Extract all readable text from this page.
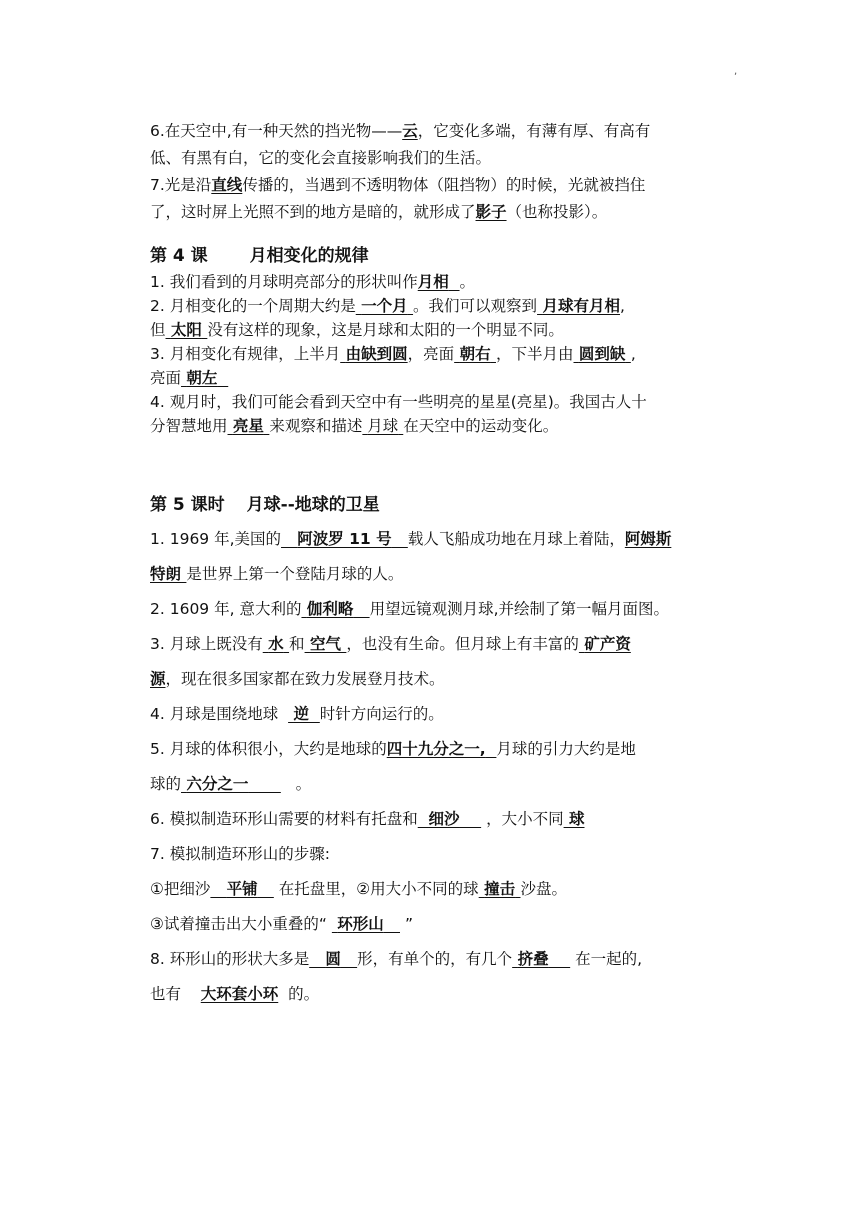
,
6.在天空中,有一种天然的挡光物——云，它变化多端，有薄有厚、有高有
低、有黑有白，它的变化会直接影响我们的生活。
7.光是沿直线传播的，当遇到不透明物体（阻挡物）的时候，光就被挡住
了，这时屏上光照不到的地方是暗的，就形成了影子（也称投影）。
第 4 课 月相变化的规律
1. 我们看到的月球明亮部分的形状叫作月相 。
2. 月相变化的一个周期大约是 一个月 。我们可以观察到 月球有月相,
但 太阳 没有这样的现象，这是月球和太阳的一个明显不同。
3. 月相变化有规律，上半月 由缺到圆，亮面 朝右 ，下半月由 圆到缺 ,
亮面 朝左
4. 观月时，我们可能会看到天空中有一些明亮的星星(亮星)。我国古人十
分智慧地用 亮星 来观察和描述 月球 在天空中的运动变化。
第 5 课时 月球--地球的卫星
1. 1969 年,美国的 阿波罗 11 号 载人飞船成功地在月球上着陆，阿姆斯
特朗 是世界上第一个登陆月球的人。
2. 1609 年, 意大利的 伽利略 用望远镜观测月球,并绘制了第一幅月面图。
3. 月球上既没有 水 和 空气 ，也没有生命。但月球上有丰富的 矿产资
源，现在很多国家都在致力发展登月技术。
4. 月球是围绕地球 逆 时针方向运行的。
5. 月球的体积很小，大约是地球的四十九分之一, 月球的引力大约是地
球的 六分之一	。
6. 模拟制造环形山需要的材料有托盘和 细沙 ，大小不同 球
7. 模拟制造环形山的步骤:
①把细沙 平铺 在托盘里，②用大小不同的球 撞击 沙盘。
③试着撞击出大小重叠的“ 环形山 ”
8. 环形山的形状大多是 圆 形，有单个的，有几个 挤叠 在一起的,
也有 大环套小环 的。
